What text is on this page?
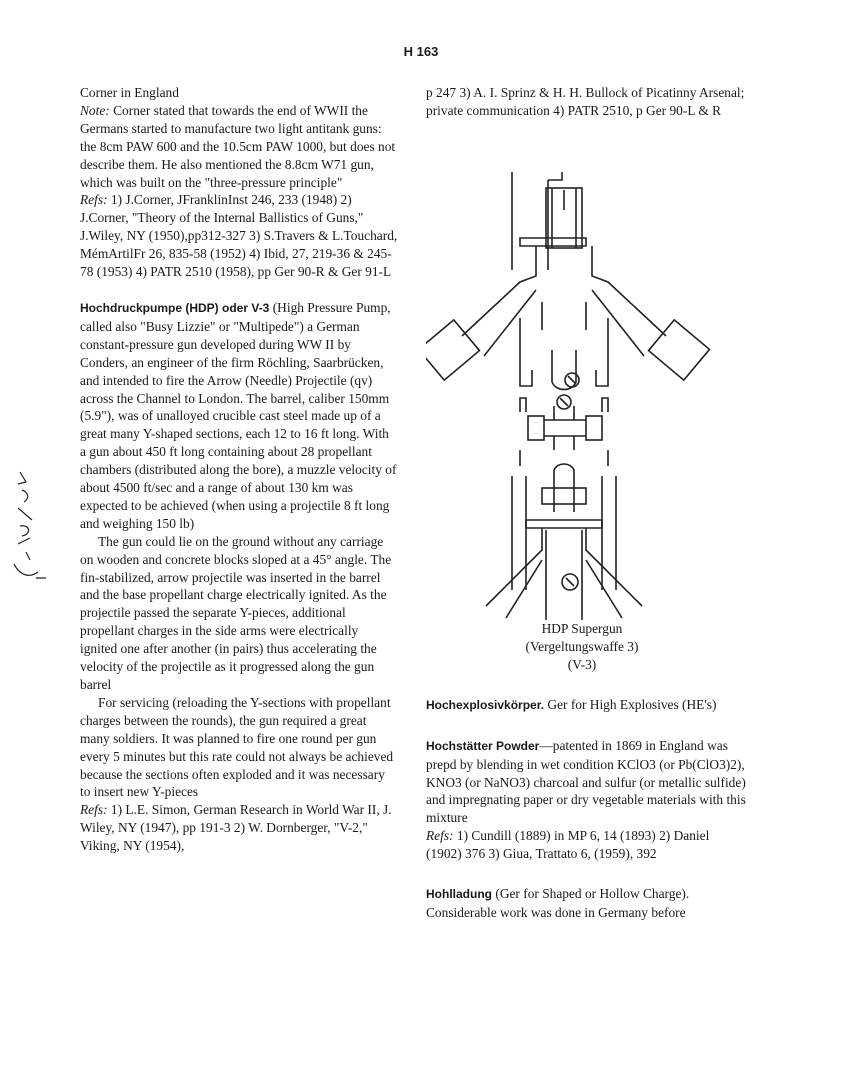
H 163

Corner in England

Note: Corner stated that towards the end of WWII the Germans started to manufacture two light antitank guns: the 8cm PAW 600 and the 10.5cm PAW 1000, but does not describe them. He also mentioned the 8.8cm W71 gun, which was built on the "three-pressure principle"

Refs: 1) J.Corner, JFranklinInst 246, 233 (1948) 2) J.Corner, "Theory of the Internal Ballistics of Guns," J.Wiley, NY (1950),pp312-327 3) S.Travers & L.Touchard, MémArtilFr 26, 835-58 (1952) 4) Ibid, 27, 219-36 & 245-78 (1953) 4) PATR 2510 (1958), pp Ger 90-R & Ger 91-L

Hochdruckpumpe (HDP) oder V-3 (High Pressure Pump, called also "Busy Lizzie" or "Multipede") a German constant-pressure gun developed during WW II by Conders, an engineer of the firm Röchling, Saarbrücken, and intended to fire the Arrow (Needle) Projectile (qv) across the Channel to London. The barrel, caliber 150mm (5.9"), was of unalloyed crucible cast steel made up of a great many Y-shaped sections, each 12 to 16 ft long. With a gun about 450 ft long containing about 28 propellant chambers (distributed along the bore), a muzzle velocity of about 4500 ft/sec and a range of about 130 km was expected to be achieved (when using a projectile 8 ft long and weighing 150 lb)

The gun could lie on the ground without any carriage on wooden and concrete blocks sloped at a 45° angle. The fin-stabilized, arrow projectile was inserted in the barrel and the base propellant charge electrically ignited. As the projectile passed the separate Y-pieces, additional propellant charges in the side arms were electrically ignited one after another (in pairs) thus accelerating the velocity of the projectile as it progressed along the gun barrel

For servicing (reloading the Y-sections with propellant charges between the rounds), the gun required a great many soldiers. It was planned to fire one round per gun every 5 minutes but this rate could not always be achieved because the sections often exploded and it was necessary to insert new Y-pieces

Refs: 1) L.E. Simon, German Research in World War II, J. Wiley, NY (1947), pp 191-3 2) W. Dornberger, "V-2," Viking, NY (1954),

p 247 3) A. I. Sprinz & H. H. Bullock of Picatinny Arsenal; private communication 4) PATR 2510, p Ger 90-L & R

HDP Supergun
(Vergeltungswaffe 3)
(V-3)

Hochexplosivkörper. Ger for High Explosives (HE's)

Hochstätter Powder—patented in 1869 in England was prepd by blending in wet condition KClO3 (or Pb(ClO3)2), KNO3 (or NaNO3) charcoal and sulfur (or metallic sulfide) and impregnating paper or dry vegetable materials with this mixture

Refs: 1) Cundill (1889) in MP 6, 14 (1893) 2) Daniel (1902) 376 3) Giua, Trattato 6, (1959), 392

Hohlladung (Ger for Shaped or Hollow Charge). Considerable work was done in Germany before
